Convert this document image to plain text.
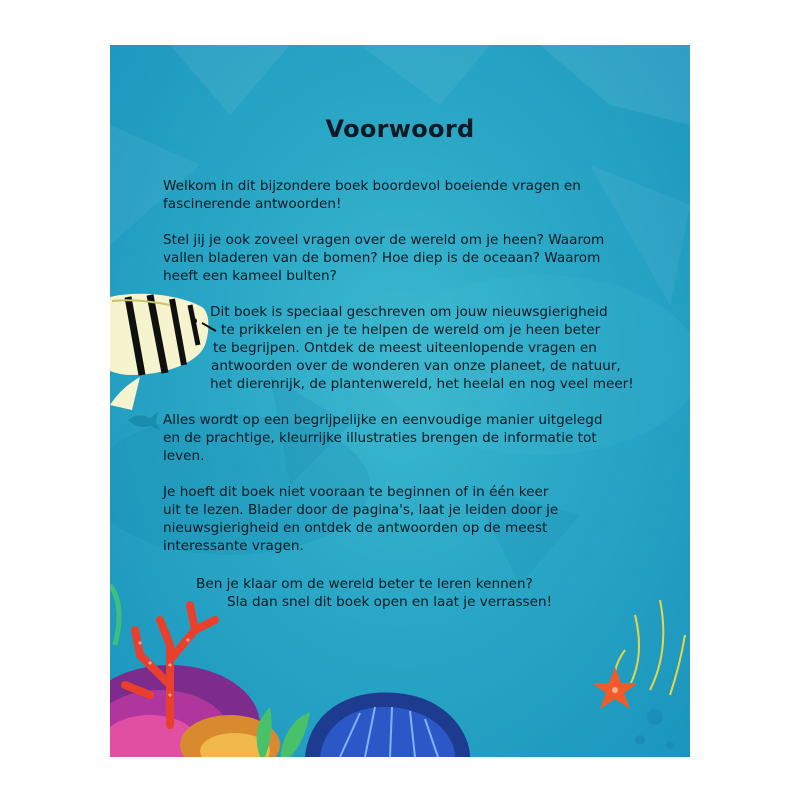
Voorwoord

Welkom in dit bijzondere boek boordevol boeiende vragen en
fascinerende antwoorden!

Stel jij je ook zoveel vragen over de wereld om je heen? Waarom
vallen bladeren van de bomen? Hoe diep is de oceaan? Waarom
heeft een kameel bulten?

Dit boek is speciaal geschreven om jouw nieuwsgierigheid
te prikkelen en je te helpen de wereld om je heen beter
te begrijpen. Ontdek de meest uiteenlopende vragen en
antwoorden over de wonderen van onze planeet, de natuur,
het dierenrijk, de plantenwereld, het heelal en nog veel meer!

Alles wordt op een begrijpelijke en eenvoudige manier uitgelegd
en de prachtige, kleurrijke illustraties brengen de informatie tot
leven.

Je hoeft dit boek niet vooraan te beginnen of in één keer
uit te lezen. Blader door de pagina's, laat je leiden door je
nieuwsgierigheid en ontdek de antwoorden op de meest
interessante vragen.

Ben je klaar om de wereld beter te leren kennen?
Sla dan snel dit boek open en laat je verrassen!
